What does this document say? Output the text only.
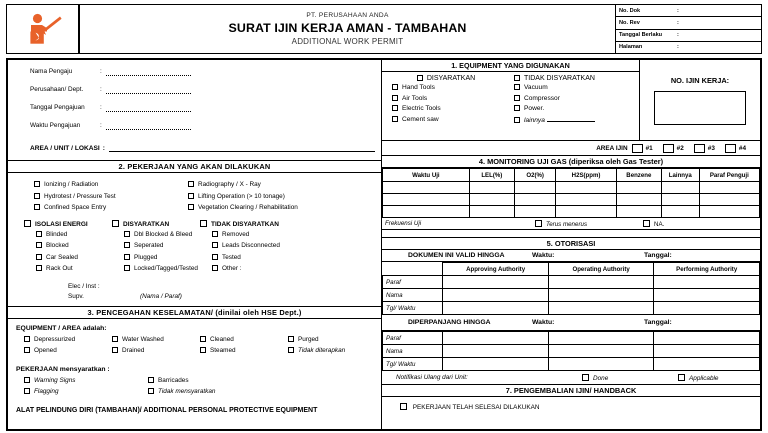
PT. PERUSAHAAN ANDA
SURAT IJIN KERJA AMAN - TAMBAHAN
ADDITIONAL WORK PERMIT
No. Dok	:
No. Rev	:
Tanggal Berlaku	:
Halaman	:
Nama Pengaju	:
Perusahaan/ Dept.	:
Tanggal Pengajuan	:
Waktu Pengajuan	:
AREA / UNIT / LOKASI :
2. PEKERJAAN YANG AKAN DILAKUKAN
Ionizing / Radiation
Hydrotest / Pressure Test
Confined Space Entry
Radiography / X - Ray
Lifting Operation (> 10 tonage)
Vegetation Clearing / Rehabilitation
ISOLASI ENERGI	DISYARATKAN	TIDAK DISYARATKAN
Blinded
Blocked
Car Sealed
Rack Out
Dbl Blocked & Bleed
Seperated
Plugged
Locked/Tagged/Tested
Removed
Leads Disconnected
Tested
Other :
Elec / Inst :
Supv.	(Nama / Paraf)
3. PENCEGAHAN KESELAMATAN/ (dinilai oleh HSE Dept.)
EQUIPMENT / AREA adalah:
Depressurized
Opened
Water Washed
Drained
Cleaned
Steamed
Purged
Tidak diterapkan
PEKERJAAN mensyaratkan :
Warning Signs
Flagging
Barricades
Tidak mensyaratkan
ALAT PELINDUNG DIRI (TAMBAHAN)/ ADDITIONAL PERSONAL PROTECTIVE EQUIPMENT
1. EQUIPMENT YANG DIGUNAKAN
DISYARATKAN	TIDAK DISYARATKAN
Hand Tools
Air Tools
Electric Tools
Cement saw
Vacuum
Compressor
Power.
lainnya
NO. IJIN KERJA:
AREA IJIN	#1	#2	#3	#4
4. MONITORING UJI GAS (diperiksa oleh Gas Tester)
Waktu Uji	LEL(%)	O2(%)	H2S(ppm)	Benzene	Lainnya	Paraf Penguji

Frekuensi Uji	Terus menerus	NA.
5. OTORISASI
DOKUMEN INI VALID HINGGA	Waktu:	Tanggal:
	Approving Authority	Operating Authority	Performing Authority
Paraf			
Nama			
Tgl/ Waktu			
DIPERPANJANG HINGGA	Waktu:	Tanggal:
Paraf			
Nama			
Tgl/ Waktu			
Notifikasi Ulang dari Unit:	Done	Applicable
7. PENGEMBALIAN IJIN/ HANDBACK
PEKERJAAN TELAH SELESAI DILAKUKAN
